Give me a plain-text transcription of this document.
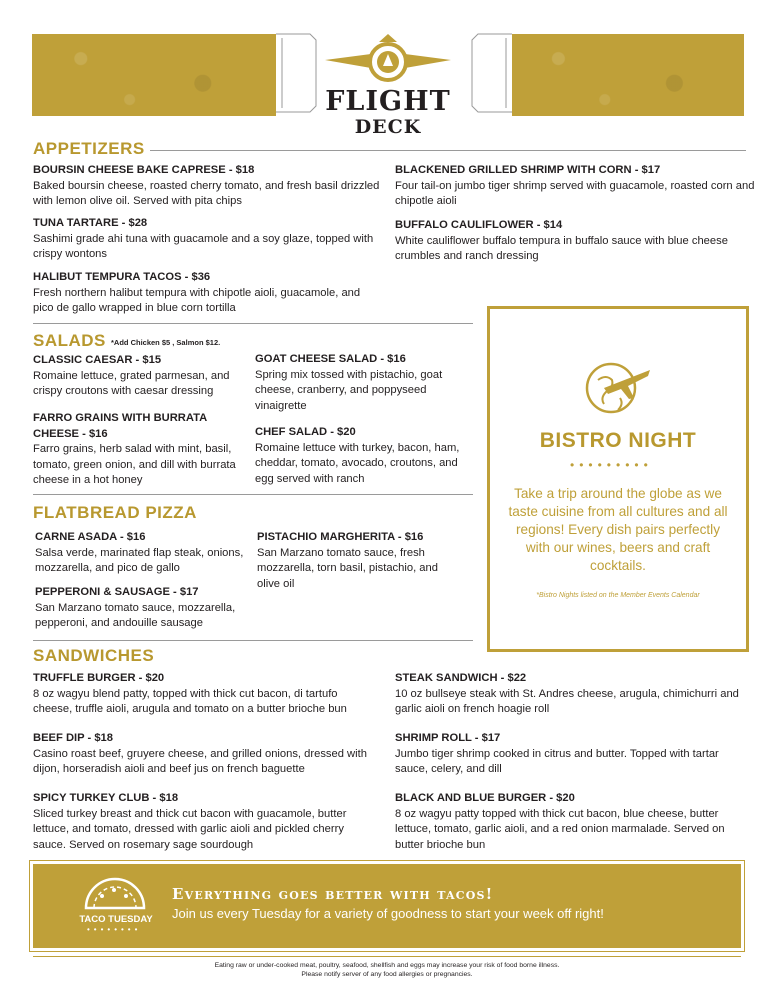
FLIGHT
DECK
APPETIZERS
BOURSIN CHEESE BAKE CAPRESE - $18
Baked boursin cheese, roasted cherry tomato, and fresh basil drizzled with lemon olive oil. Served with pita chips
TUNA TARTARE - $28
Sashimi grade ahi tuna with guacamole and a soy glaze, topped with crispy wontons
HALIBUT TEMPURA TACOS - $36
Fresh northern halibut tempura with chipotle aioli, guacamole, and pico de gallo wrapped in blue corn tortilla
BLACKENED GRILLED SHRIMP WITH CORN - $17
Four tail-on jumbo tiger shrimp served with guacamole, roasted corn and chipotle aioli
BUFFALO CAULIFLOWER - $14
White cauliflower buffalo tempura in buffalo sauce with blue cheese crumbles and ranch dressing
SALADS *Add Chicken $5 , Salmon $12.
CLASSIC CAESAR - $15
Romaine lettuce, grated parmesan, and crispy croutons with caesar dressing
FARRO GRAINS WITH BURRATA CHEESE - $16
Farro grains, herb salad with mint, basil, tomato, green onion, and dill with burrata cheese in a hot honey
GOAT CHEESE SALAD - $16
Spring mix tossed with pistachio, goat cheese, cranberry, and poppyseed vinaigrette
CHEF SALAD - $20
Romaine lettuce with turkey, bacon, ham, cheddar, tomato, avocado, croutons, and egg served with ranch
FLATBREAD PIZZA
CARNE ASADA - $16
Salsa verde, marinated flap steak, onions, mozzarella, and pico de gallo
PEPPERONI & SAUSAGE - $17
San Marzano tomato sauce, mozzarella, pepperoni, and andouille sausage
PISTACHIO MARGHERITA - $16
San Marzano tomato sauce, fresh mozzarella, torn basil, pistachio, and olive oil
SANDWICHES
TRUFFLE BURGER - $20
8 oz wagyu blend patty, topped with thick cut bacon, di tartufo cheese, truffle aioli, arugula and tomato on a butter brioche bun
BEEF DIP - $18
Casino roast beef, gruyere cheese, and grilled onions, dressed with dijon, horseradish aioli and beef jus on french baguette
SPICY TURKEY CLUB - $18
Sliced turkey breast and thick cut bacon with guacamole, butter lettuce, and tomato, dressed with garlic aioli and pickled cherry sauce. Served on rosemary sage sourdough
STEAK SANDWICH - $22
10 oz bullseye steak with St. Andres cheese, arugula, chimichurri and garlic aioli on french hoagie roll
SHRIMP ROLL - $17
Jumbo tiger shrimp cooked in citrus and butter. Topped with tartar sauce, celery, and dill
BLACK AND BLUE BURGER - $20
8 oz wagyu patty topped with thick cut bacon, blue cheese, butter lettuce, tomato, garlic aioli, and a red onion marmalade. Served on butter brioche bun
BISTRO NIGHT
•••••••••
Take a trip around the globe as we taste cuisine from all cultures and all regions! Every dish pairs perfectly with our wines, beers and craft cocktails.
*Bistro Nights listed on the Member Events Calendar
TACO TUESDAY
••••••••
Everything goes better with tacos!
Join us every Tuesday for a variety of goodness to start your week off right!
Eating raw or under-cooked meat, poultry, seafood, shellfish and eggs may increase your risk of food borne illness.
Please notify server of any food allergies or pregnancies.
